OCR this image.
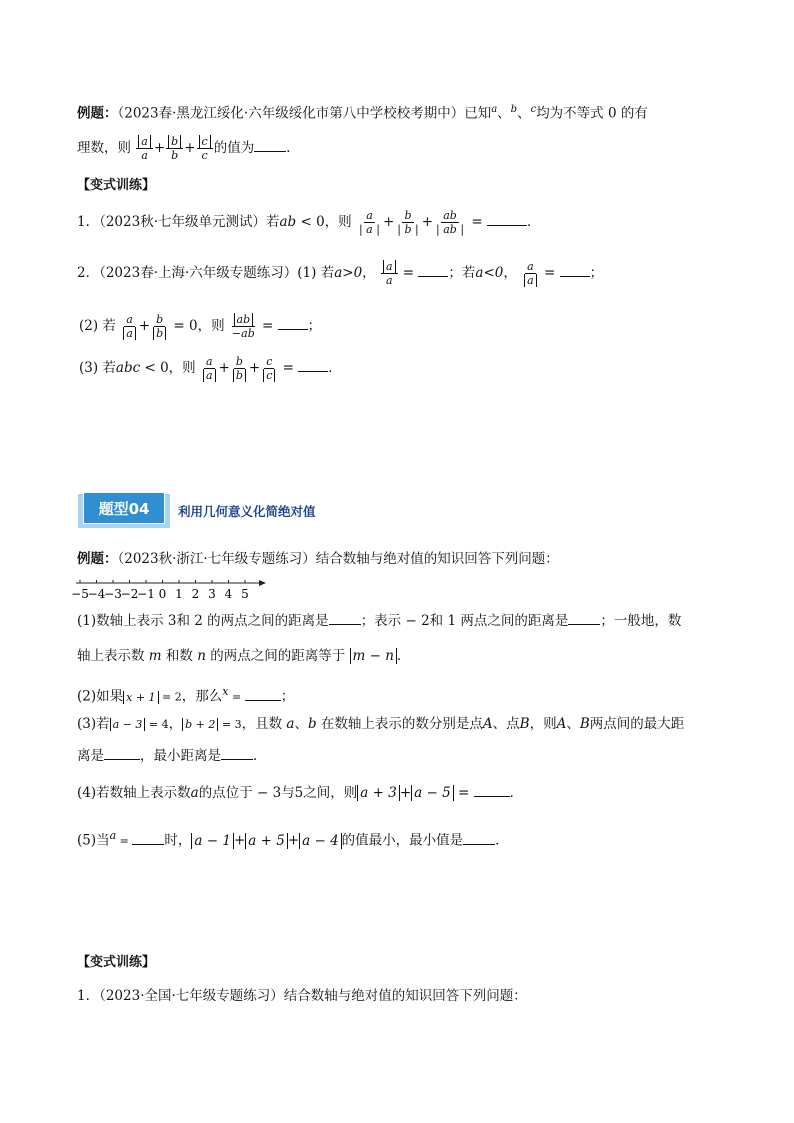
例题：（2023春·黑龙江绥化·六年级绥化市第八中学校校考期中）已知$^a$、$^b$、$^c$均为不等式 0 的有
理数，则 $\frac{a}{a} + \frac{b}{b} + \frac{c}{c}$ 的值为 ．
【变式训练】
1．（2023秋·七年级单元测试）若ab < 0，则 $\frac{a}{| a |} + \frac{b}{| b |} + \frac{ab}{| ab |}$ =	．
2．（2023春·上海·六年级专题练习）(1) 若a>0， $\frac{a}{a}$ = ；若a<0， $\frac{a}{a}$ = ；
(2) 若 $\frac{a}{a} + \frac{b}{b} = 0$，则 $\frac{ab}{-ab}$ = ；
(3) 若abc < 0，则 $\frac{a}{a} + \frac{b}{b} + \frac{c}{c}$ = ．
题型04	利用几何意义化简绝对值
例题：（2023秋·浙江·七年级专题练习）结合数轴与绝对值的知识回答下列问题：
−5
−4
−3
−2
−1 0 1 2 3 4 5
(1)数轴上表示 3和 2 的两点之间的距离是 ；表示 − 2和 1 两点之间的距离是 ；一般地，数
轴上表示数 m 和数 n 的两点之间的距离等于 m − n ．
(2)如果 x + 1 = 2，那么$^x$ =	；
(3)若 a − 3 = 4， b + 2 = 3，且数 a、b 在数轴上表示的数分别是点A、点B，则A、B两点间的最大距
离是	，最小距离是 ．
(4)若数轴上表示数a的点位于 − 3与5之间，则 a + 3 + a − 5 =	．
(5)当$^a$ = 时， a − 1 + a + 5 + a − 4 的值最小，最小值是 ．
【变式训练】
1．（2023·全国·七年级专题练习）结合数轴与绝对值的知识回答下列问题：
